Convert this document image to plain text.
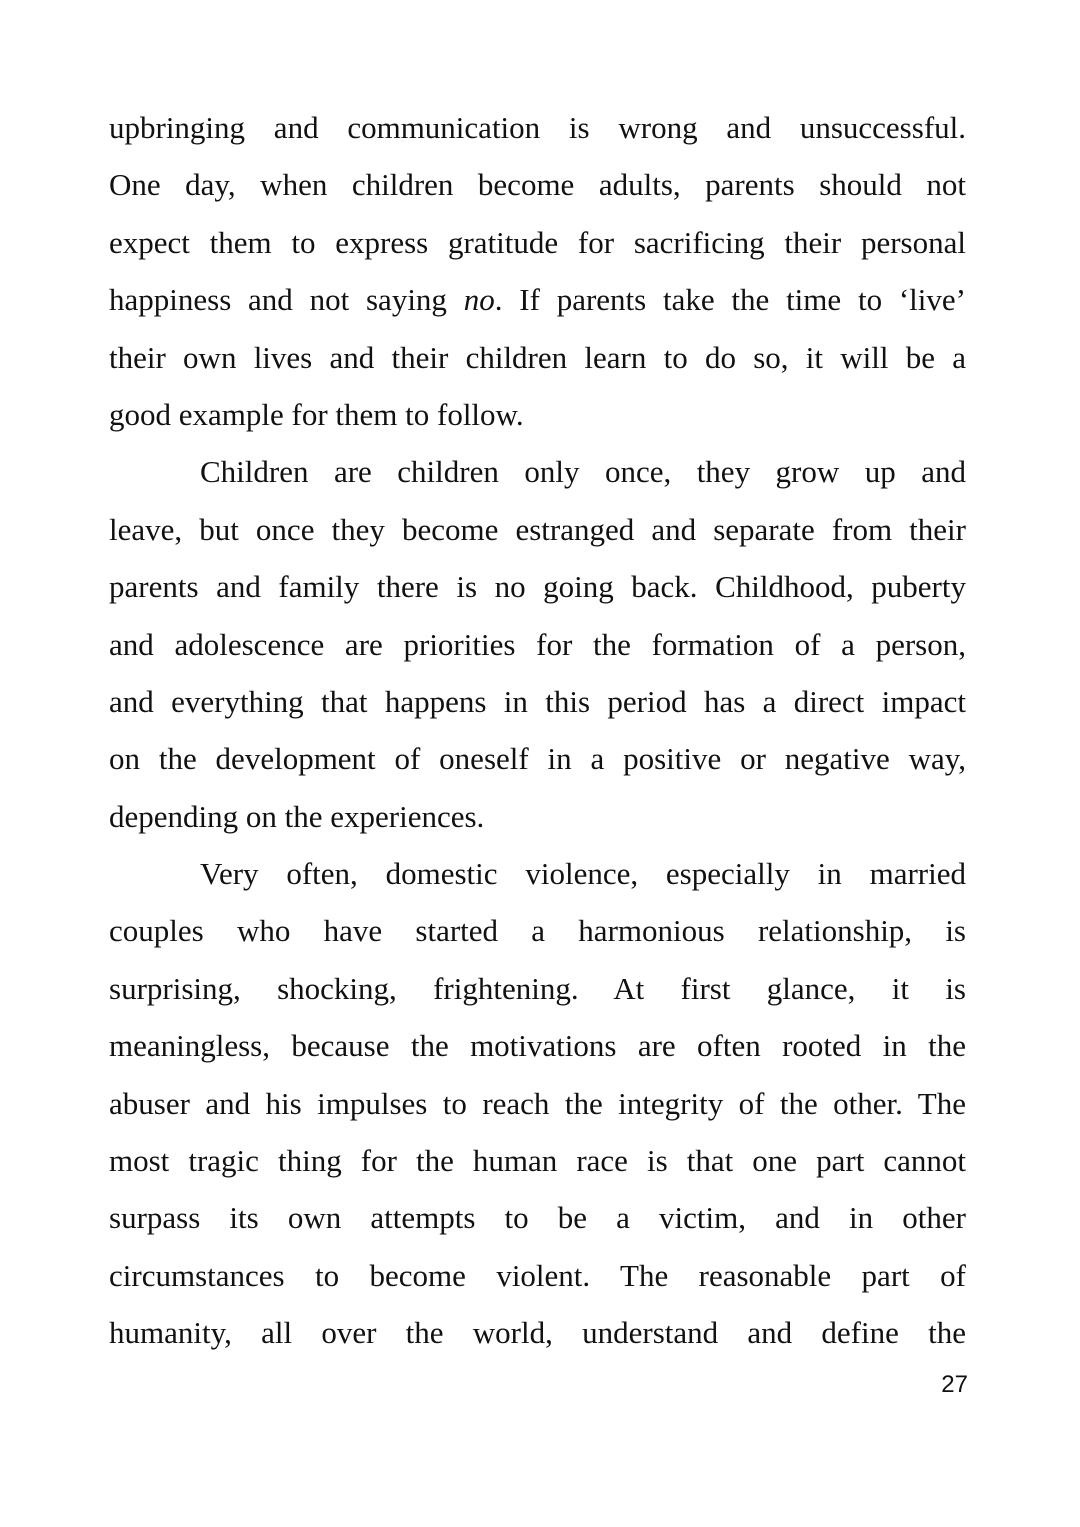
upbringing and communication is wrong and unsuccessful.
One day, when children become adults, parents should not
expect them to express gratitude for sacrificing their personal
happiness and not saying no. If parents take the time to ‘live’
their own lives and their children learn to do so, it will be a
good example for them to follow.
Children are children only once, they grow up and
leave, but once they become estranged and separate from their
parents and family there is no going back. Childhood, puberty
and adolescence are priorities for the formation of a person,
and everything that happens in this period has a direct impact
on the development of oneself in a positive or negative way,
depending on the experiences.
Very often, domestic violence, especially in married
couples who have started a harmonious relationship, is
surprising, shocking, frightening. At first glance, it is
meaningless, because the motivations are often rooted in the
abuser and his impulses to reach the integrity of the other. The
most tragic thing for the human race is that one part cannot
surpass its own attempts to be a victim, and in other
circumstances to become violent. The reasonable part of
humanity, all over the world, understand and define the
27
